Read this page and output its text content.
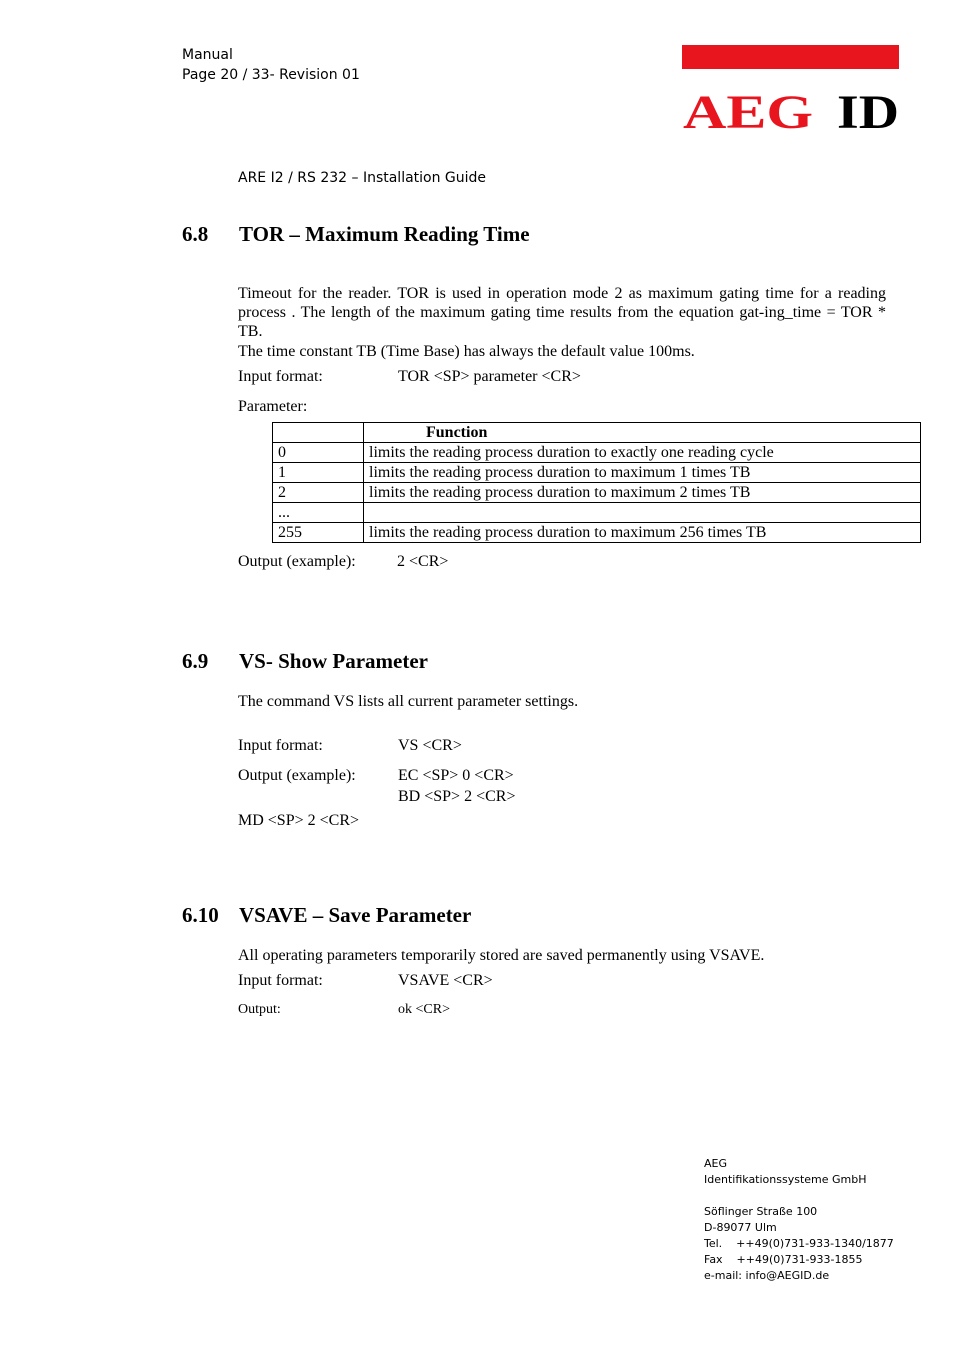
Manual
Page 20 / 33- Revision 01
ARE I2 / RS 232 – Installation Guide
AEG ID
6.8 TOR – Maximum Reading Time
Timeout for the reader. TOR is used in operation mode 2 as maximum gating time for a reading process . The length of the maximum gating time results from the equation gat-ing_time = TOR * TB.
The time constant TB (Time Base) has always the default value 100ms.
Input format:	TOR <SP> parameter <CR>
Parameter:
	Function
0	limits the reading process duration to exactly one reading cycle
1	limits the reading process duration to maximum 1 times TB
2	limits the reading process duration to maximum 2 times TB
...	
255	limits the reading process duration to maximum 256 times TB
Output (example):	2 <CR>
6.9 VS- Show Parameter
The command VS lists all current parameter settings.
Input format:	VS <CR>
Output (example):	EC <SP> 0 <CR>
BD <SP> 2 <CR>
MD <SP> 2 <CR>
6.10 VSAVE – Save Parameter
All operating parameters temporarily stored are saved permanently using VSAVE.
Input format:	VSAVE <CR>
Output:	ok <CR>
AEG
Identifikationssysteme GmbH
Söflinger Straße 100
D-89077 Ulm
Tel.    ++49(0)731-933-1340/1877
Fax    ++49(0)731-933-1855
e-mail: info@AEGID.de
